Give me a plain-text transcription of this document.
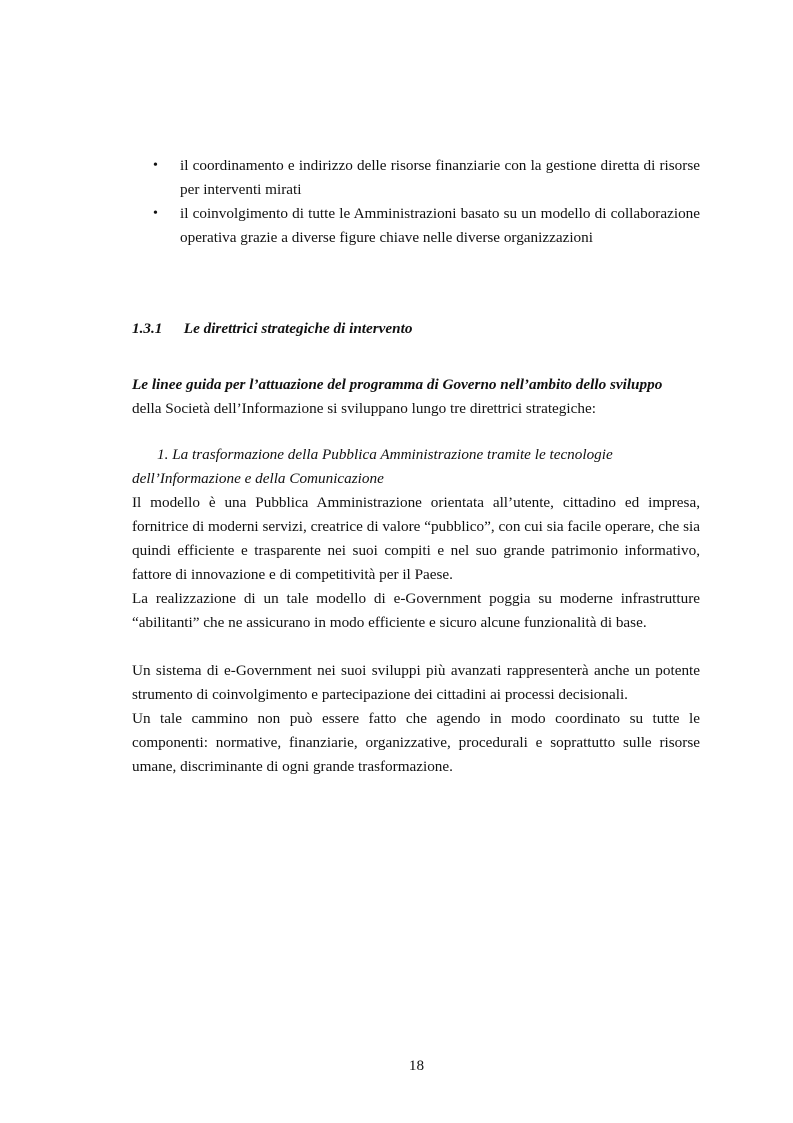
• il coordinamento e indirizzo delle risorse finanziarie con la gestione diretta di risorse per interventi mirati
• il coinvolgimento di tutte le Amministrazioni basato su un modello di collaborazione operativa grazie a diverse figure chiave nelle diverse organizzazioni
1.3.1 Le direttrici strategiche di intervento
Le linee guida per l’attuazione del programma di Governo nell’ambito dello sviluppo
della Società dell’Informazione si sviluppano lungo tre direttrici strategiche:
1. La trasformazione della Pubblica Amministrazione tramite le tecnologie
dell’Informazione e della Comunicazione

Il modello è una Pubblica Amministrazione orientata all’utente, cittadino ed impresa, fornitrice di moderni servizi, creatrice di valore “pubblico”, con cui sia facile operare, che sia quindi efficiente e trasparente nei suoi compiti e nel suo grande patrimonio informativo, fattore di innovazione e di competitività per il Paese.

La realizzazione di un tale modello di e-Government poggia su moderne infrastrutture “abilitanti” che ne assicurano in modo efficiente e sicuro alcune funzionalità di base.

Un sistema di e-Government nei suoi sviluppi più avanzati rappresenterà anche un potente strumento di coinvolgimento e partecipazione dei cittadini ai processi decisionali.

Un tale cammino non può essere fatto che agendo in modo coordinato su tutte le componenti: normative, finanziarie, organizzative, procedurali e soprattutto sulle risorse umane, discriminante di ogni grande trasformazione.

18
